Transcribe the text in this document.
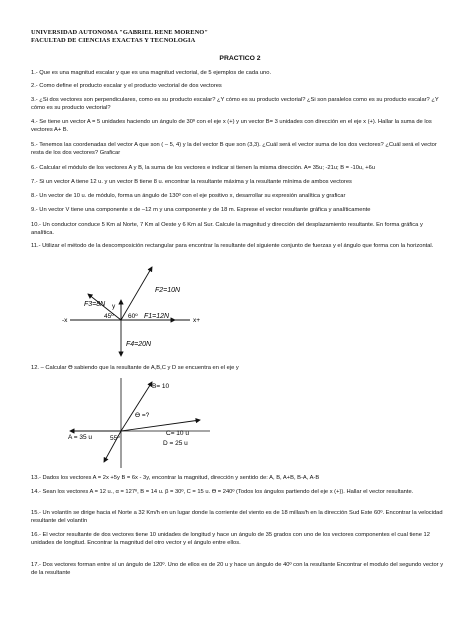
UNIVERSIDAD AUTONOMA "GABRIEL RENE MORENO"
FACULTAD DE CIENCIAS EXACTAS Y TECNOLOGIA
PRACTICO 2
1.- Que es una magnitud escalar y que es una magnitud vectorial, de 5 ejemplos de cada uno.
2.- Como define el producto escalar y el producto vectorial de dos vectores
3.- ¿Si dos vectores son perpendiculares, como es su producto escalar? ¿Y cómo es su producto vectorial? ¿Si son paralelos como es su producto escalar? ¿Y cómo es su producto vectorial?
4.- Se tiene un vector A = 5 unidades haciendo un ángulo de 30º con el eje x (+) y un vector B= 3 unidades con dirección en el eje x (+). Hallar la suma de los vectores A+ B.
5.- Tenemos las coordenadas del vector A que son ( – 5, 4) y la del vector B que son (3,3). ¿Cuál será el vector suma de los dos vectores? ¿Cuál será el vector resta de los dos vectores? Graficar
6.- Calcular el módulo de los vectores A y B, la suma de los vectores e indicar si tienen la misma dirección. A= 35u; -21u; B = -10u, +6u
7.- Si un vector A tiene 12 u. y un vector B tiene 8 u. encontrar la resultante máxima y la resultante mínima de ambos vectores
8.- Un vector de 10 u. de módulo, forma un ángulo de 130º con el eje positivo x, desarrollar su expresión analítica y graficar
9.- Un vector V tiene una componente x de –12 m y una componente y de 18 m. Exprese el vector resultante gráfica y analíticamente
10.- Un conductor conduce 5 Km al Norte, 7 Km al Oeste y 6 Km al Sur. Calcule la magnitud y dirección del desplazamiento resultante. En forma gráfica y analítica.
11.- Utilizar el método de la descomposición rectangular para encontrar la resultante del siguiente conjunto de fuerzas y el ángulo que forma con la horizontal.
-x	x+
y
F2=10N
F3=8N
F1=12N
F4=20N
45º 60º
12. – Calcular ϴ sabiendo que la resultante de A,B,C y D se encuentra en el eje y
B= 10
A = 35 u
C= 10 u
D = 25 u
ϴ =?
55º
13.- Dados los vectores A = 2x +5y B = 6x - 3y, encontrar la magnitud, dirección y sentido de: A, B, A+B, B-A, A-B
14.- Sean los vectores A = 12 u., α = 127º, B = 14 u. β = 30º, C = 15 u. ϴ = 240º (Todos los ángulos partiendo del eje x (+)). Hallar el vector resultante.
15.- Un volantín se dirige hacia el Norte a 32 Km/h en un lugar donde la corriente del viento es de 18 millas/h en la dirección Sud Este 60º. Encontrar la velocidad resultante del volantín
16.- El vector resultante de dos vectores tiene 10 unidades de longitud y hace un ángulo de 35 grados con uno de los vectores componentes el cual tiene 12 unidades de longitud. Encontrar la magnitud del otro vector y el ángulo entre ellos.
17.- Dos vectores forman entre sí un ángulo de 120º. Uno de ellos es de 20 u y hace un ángulo de 40º con la resultante Encontrar el modulo del segundo vector y de la resultante
